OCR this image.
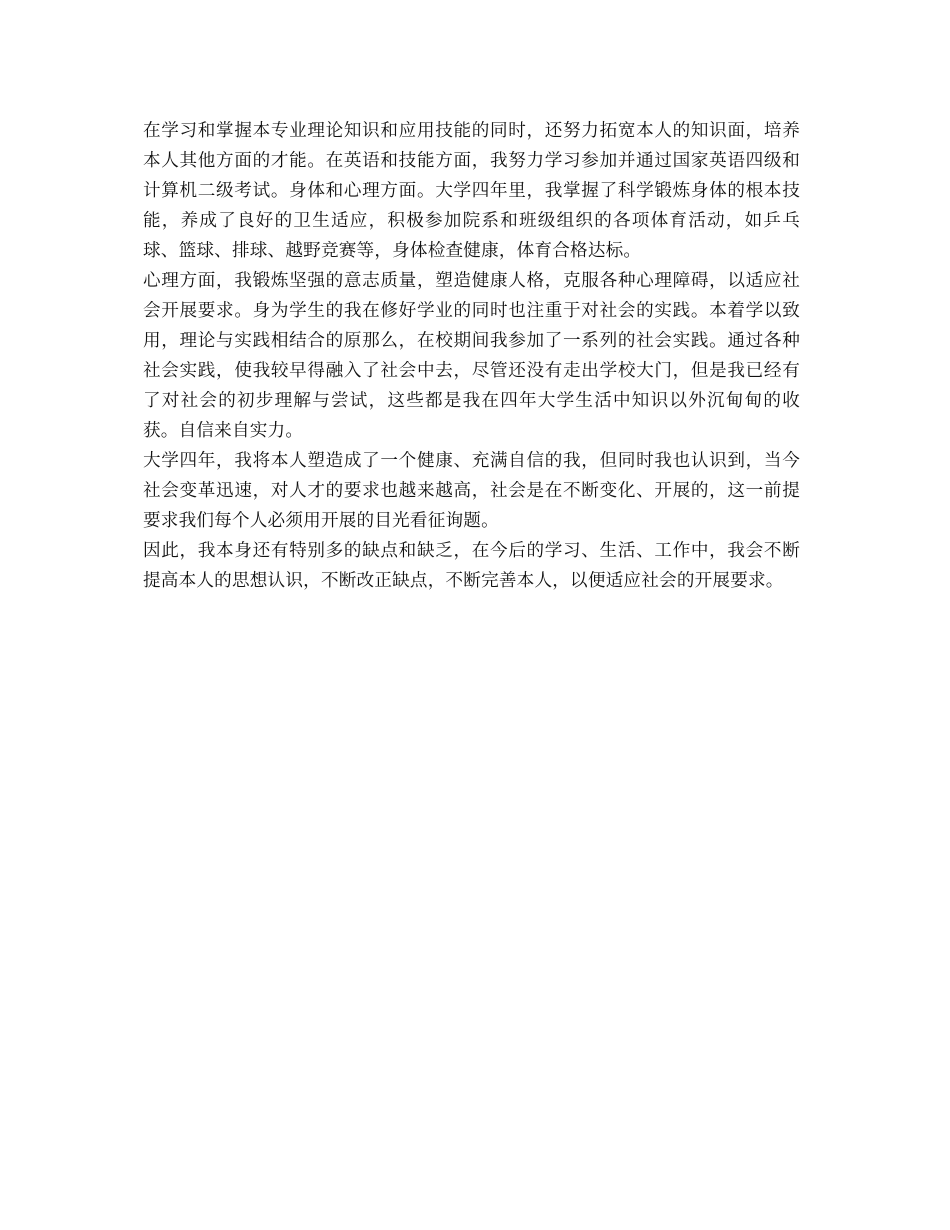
在学习和掌握本专业理论知识和应用技能的同时，还努力拓宽本人的知识面，培养本人其他方面的才能。在英语和技能方面，我努力学习参加并通过国家英语四级和计算机二级考试。身体和心理方面。大学四年里，我掌握了科学锻炼身体的根本技能，养成了良好的卫生适应，积极参加院系和班级组织的各项体育活动，如乒乓球、篮球、排球、越野竞赛等，身体检查健康，体育合格达标。

心理方面，我锻炼坚强的意志质量，塑造健康人格，克服各种心理障碍，以适应社会开展要求。身为学生的我在修好学业的同时也注重于对社会的实践。本着学以致用，理论与实践相结合的原那么，在校期间我参加了一系列的社会实践。通过各种社会实践，使我较早得融入了社会中去，尽管还没有走出学校大门，但是我已经有了对社会的初步理解与尝试，这些都是我在四年大学生活中知识以外沉甸甸的收获。自信来自实力。

大学四年，我将本人塑造成了一个健康、充满自信的我，但同时我也认识到，当今社会变革迅速，对人才的要求也越来越高，社会是在不断变化、开展的，这一前提要求我们每个人必须用开展的目光看征询题。

因此，我本身还有特别多的缺点和缺乏，在今后的学习、生活、工作中，我会不断提高本人的思想认识，不断改正缺点，不断完善本人，以便适应社会的开展要求。
